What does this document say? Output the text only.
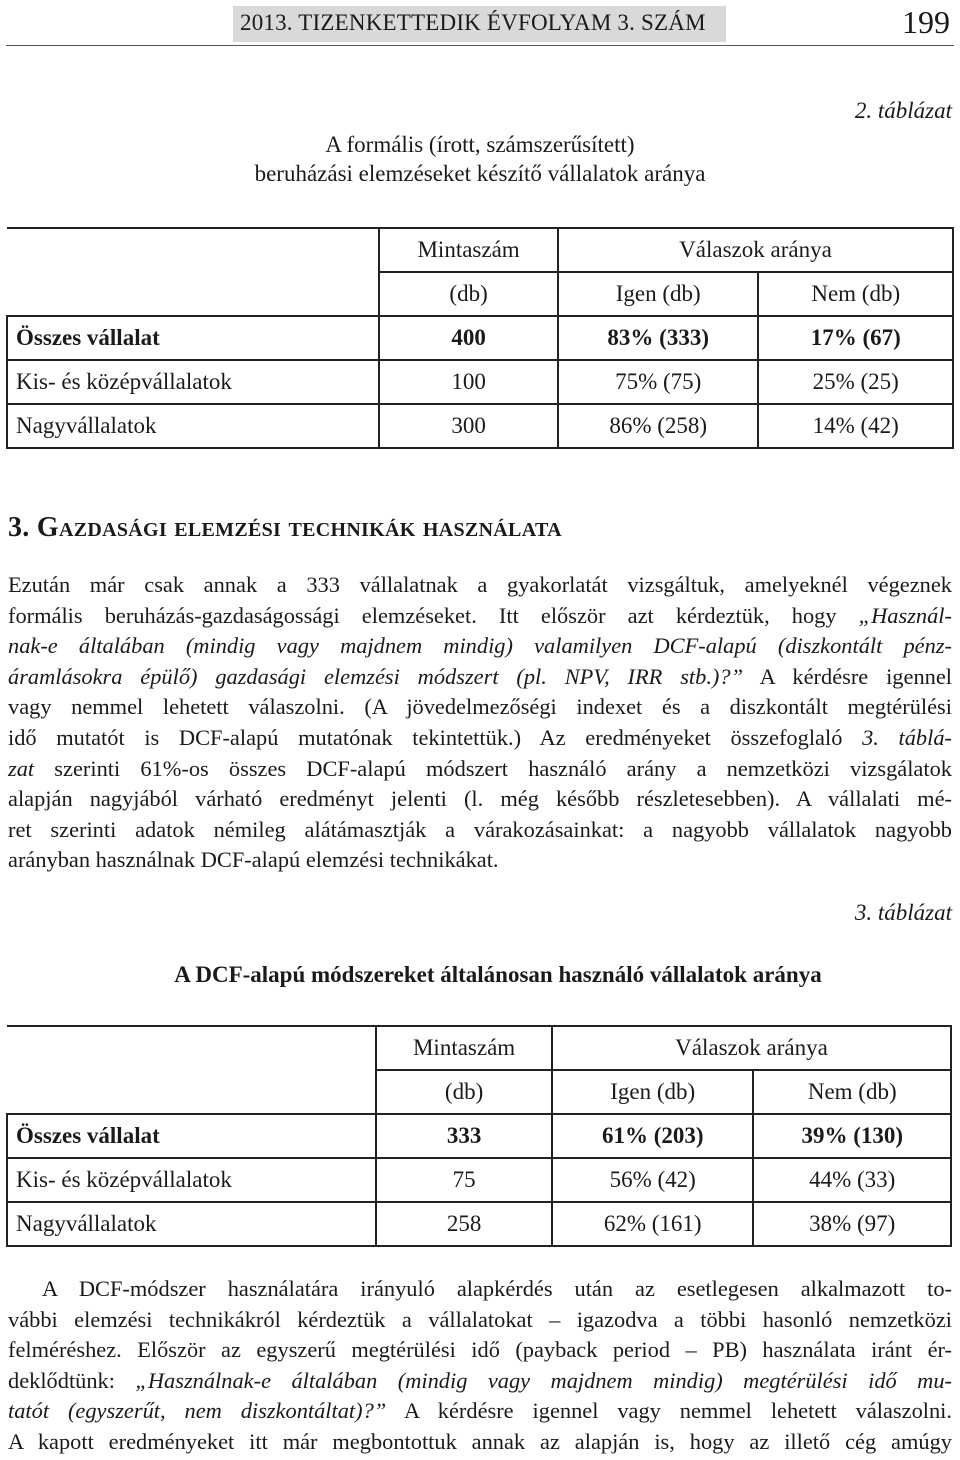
2013. TIZENKETTEDIK ÉVFOLYAM 3. SZÁM	199
2. táblázat
A formális (írott, számszerűsített)
beruházási elemzéseket készítő vállalatok aránya
	Mintaszám	Válaszok aránya	
	(db)	Igen (db)	Nem (db)
Összes vállalat	400	83% (333)	17% (67)
Kis- és középvállalatok	100	75% (75)	25% (25)
Nagyvállalatok	300	86% (258)	14% (42)
3. Gazdasági elemzési technikák használata
Ezután már csak annak a 333 vállalatnak a gyakorlatát vizsgáltuk, amelyeknél végeznek
formális beruházás-gazdaságossági elemzéseket. Itt először azt kérdeztük, hogy „Használ-
nak-e általában (mindig vagy majdnem mindig) valamilyen DCF-alapú (diszkontált pénz-
áramlásokra épülő) gazdasági elemzési módszert (pl. NPV, IRR stb.)?” A kérdésre igennel
vagy nemmel lehetett válaszolni. (A jövedelmezőségi indexet és a diszkontált megtérülési
idő mutatót is DCF-alapú mutatónak tekintettük.) Az eredményeket összefoglaló 3. táblá-
zat szerinti 61%-os összes DCF-alapú módszert használó arány a nemzetközi vizsgálatok
alapján nagyjából várható eredményt jelenti (l. még később részletesebben). A vállalati mé-
ret szerinti adatok némileg alátámasztják a várakozásainkat: a nagyobb vállalatok nagyobb
arányban használnak DCF-alapú elemzési technikákat.
3. táblázat
A DCF-alapú módszereket általánosan használó vállalatok aránya
	Mintaszám	Válaszok aránya	
	(db)	Igen (db)	Nem (db)
Összes vállalat	333	61% (203)	39% (130)
Kis- és középvállalatok	75	56% (42)	44% (33)
Nagyvállalatok	258	62% (161)	38% (97)
A DCF-módszer használatára irányuló alapkérdés után az esetlegesen alkalmazott to-
vábbi elemzési technikákról kérdeztük a vállalatokat – igazodva a többi hasonló nemzetközi
felméréshez. Először az egyszerű megtérülési idő (payback period – PB) használata iránt ér-
deklődtünk: „Használnak-e általában (mindig vagy majdnem mindig) megtérülési idő mu-
tatót (egyszerűt, nem diszkontáltat)?” A kérdésre igennel vagy nemmel lehetett válaszolni.
A kapott eredményeket itt már megbontottuk annak az alapján is, hogy az illető cég amúgy
